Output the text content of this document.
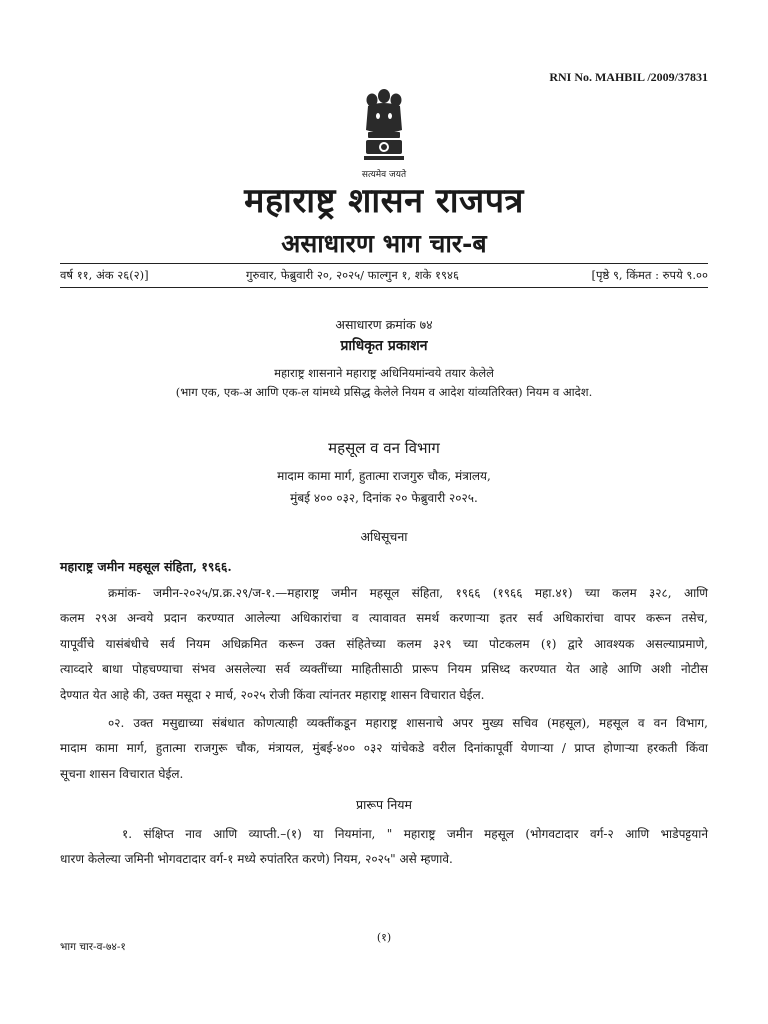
RNI No. MAHBIL /2009/37831
सत्यमेव जयते
महाराष्ट्र शासन राजपत्र
असाधारण भाग चार-ब
वर्ष ११, अंक २६(२)]	गुरुवार, फेब्रुवारी २०, २०२५/ फाल्गुन १, शके १९४६	[पृष्ठे ९, किंमत : रुपये ९.००
असाधारण क्रमांक ७४
प्राधिकृत प्रकाशन
महाराष्ट्र शासनाने महाराष्ट्र अधिनियमांन्वये तयार केलेले
(भाग एक, एक-अ आणि एक-ल यांमध्ये प्रसिद्ध केलेले नियम व आदेश यांव्यतिरिक्त) नियम व आदेश.
महसूल व वन विभाग
मादाम कामा मार्ग, हुतात्मा राजगुरु चौक, मंत्रालय,
मुंबई ४०० ०३२, दिनांक २० फेब्रुवारी २०२५.
अधिसूचना
महाराष्ट्र जमीन महसूल संहिता, १९६६.
क्रमांक- जमीन-२०२५/प्र.क्र.२९/ज-१.—महाराष्ट्र जमीन महसूल संहिता, १९६६ (१९६६ महा.४१) च्या कलम ३२८, आणि
कलम २९अ अन्वये प्रदान करण्यात आलेल्या अधिकारांचा व त्यावावत समर्थ करणाऱ्या इतर सर्व अधिकारांचा वापर करून तसेच,
यापूर्वीचे यासंबंधीचे सर्व नियम अधिक्रमित करून उक्त संहितेच्या कलम ३२९ च्या पोटकलम (१) द्वारे आवश्यक असल्याप्रमाणे,
त्याव्दारे बाधा पोहचण्याचा संभव असलेल्या सर्व व्यक्तींच्या माहितीसाठी प्रारूप नियम प्रसिध्द करण्यात येत आहे आणि अशी नोटीस
देण्यात येत आहे की, उक्त मसूदा २ मार्च, २०२५ रोजी किंवा त्यांनतर महाराष्ट्र शासन विचारात घेईल.
०२. उक्त मसुद्याच्या संबंधात कोणत्याही व्यक्तींकडून महाराष्ट्र शासनाचे अपर मुख्य सचिव (महसूल), महसूल व वन विभाग,
मादाम कामा मार्ग, हुतात्मा राजगुरू चौक, मंत्रायल, मुंबई-४०० ०३२ यांचेकडे वरील दिनांकापूर्वी येणाऱ्या / प्राप्त होणाऱ्या हरकती किंवा
सूचना शासन विचारात घेईल.
प्रारूप नियम
१. संक्षिप्त नाव आणि व्याप्ती.–(१) या नियमांना, " महाराष्ट्र जमीन महसूल (भोगवटादार वर्ग-२ आणि भाडेपट्टयाने
धारण केलेल्या जमिनी भोगवटादार वर्ग-१ मध्ये रुपांतरित करणे) नियम, २०२५" असे म्हणावे.
(१)
भाग चार-व-७४-१
